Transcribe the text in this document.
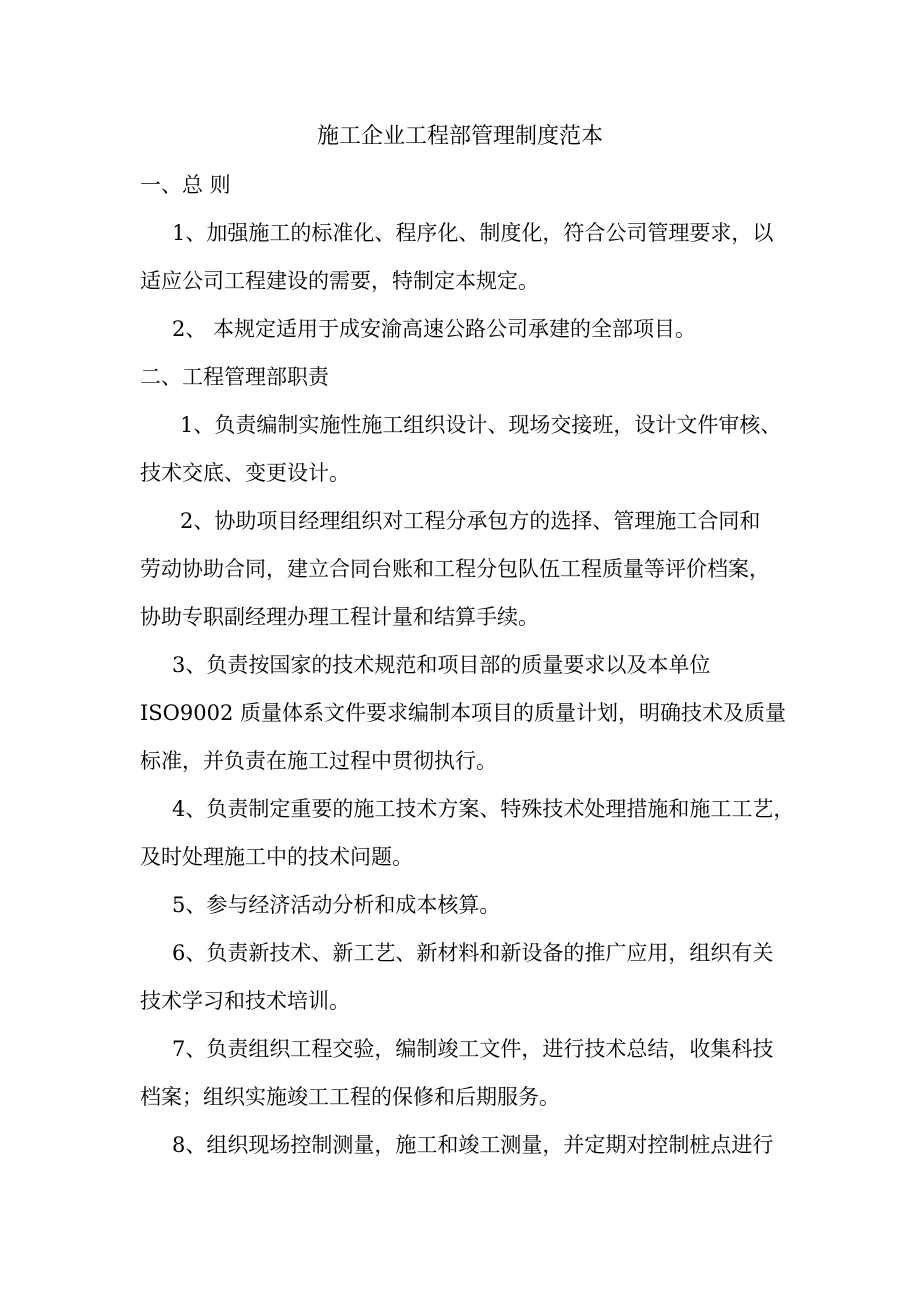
施工企业工程部管理制度范本
一、总 则
1、加强施工的标准化、程序化、制度化，符合公司管理要求，以
适应公司工程建设的需要，特制定本规定。
2、 本规定适用于成安渝高速公路公司承建的全部项目。
二、工程管理部职责
1、负责编制实施性施工组织设计、现场交接班，设计文件审核、
技术交底、变更设计。
2、协助项目经理组织对工程分承包方的选择、管理施工合同和
劳动协助合同，建立合同台账和工程分包队伍工程质量等评价档案，
协助专职副经理办理工程计量和结算手续。
3、负责按国家的技术规范和项目部的质量要求以及本单位
ISO9002 质量体系文件要求编制本项目的质量计划，明确技术及质量
标准，并负责在施工过程中贯彻执行。
4、负责制定重要的施工技术方案、特殊技术处理措施和施工工艺，
及时处理施工中的技术问题。
5、参与经济活动分析和成本核算。
6、负责新技术、新工艺、新材料和新设备的推广应用，组织有关
技术学习和技术培训。
7、负责组织工程交验，编制竣工文件，进行技术总结，收集科技
档案；组织实施竣工工程的保修和后期服务。
8、组织现场控制测量，施工和竣工测量，并定期对控制桩点进行
